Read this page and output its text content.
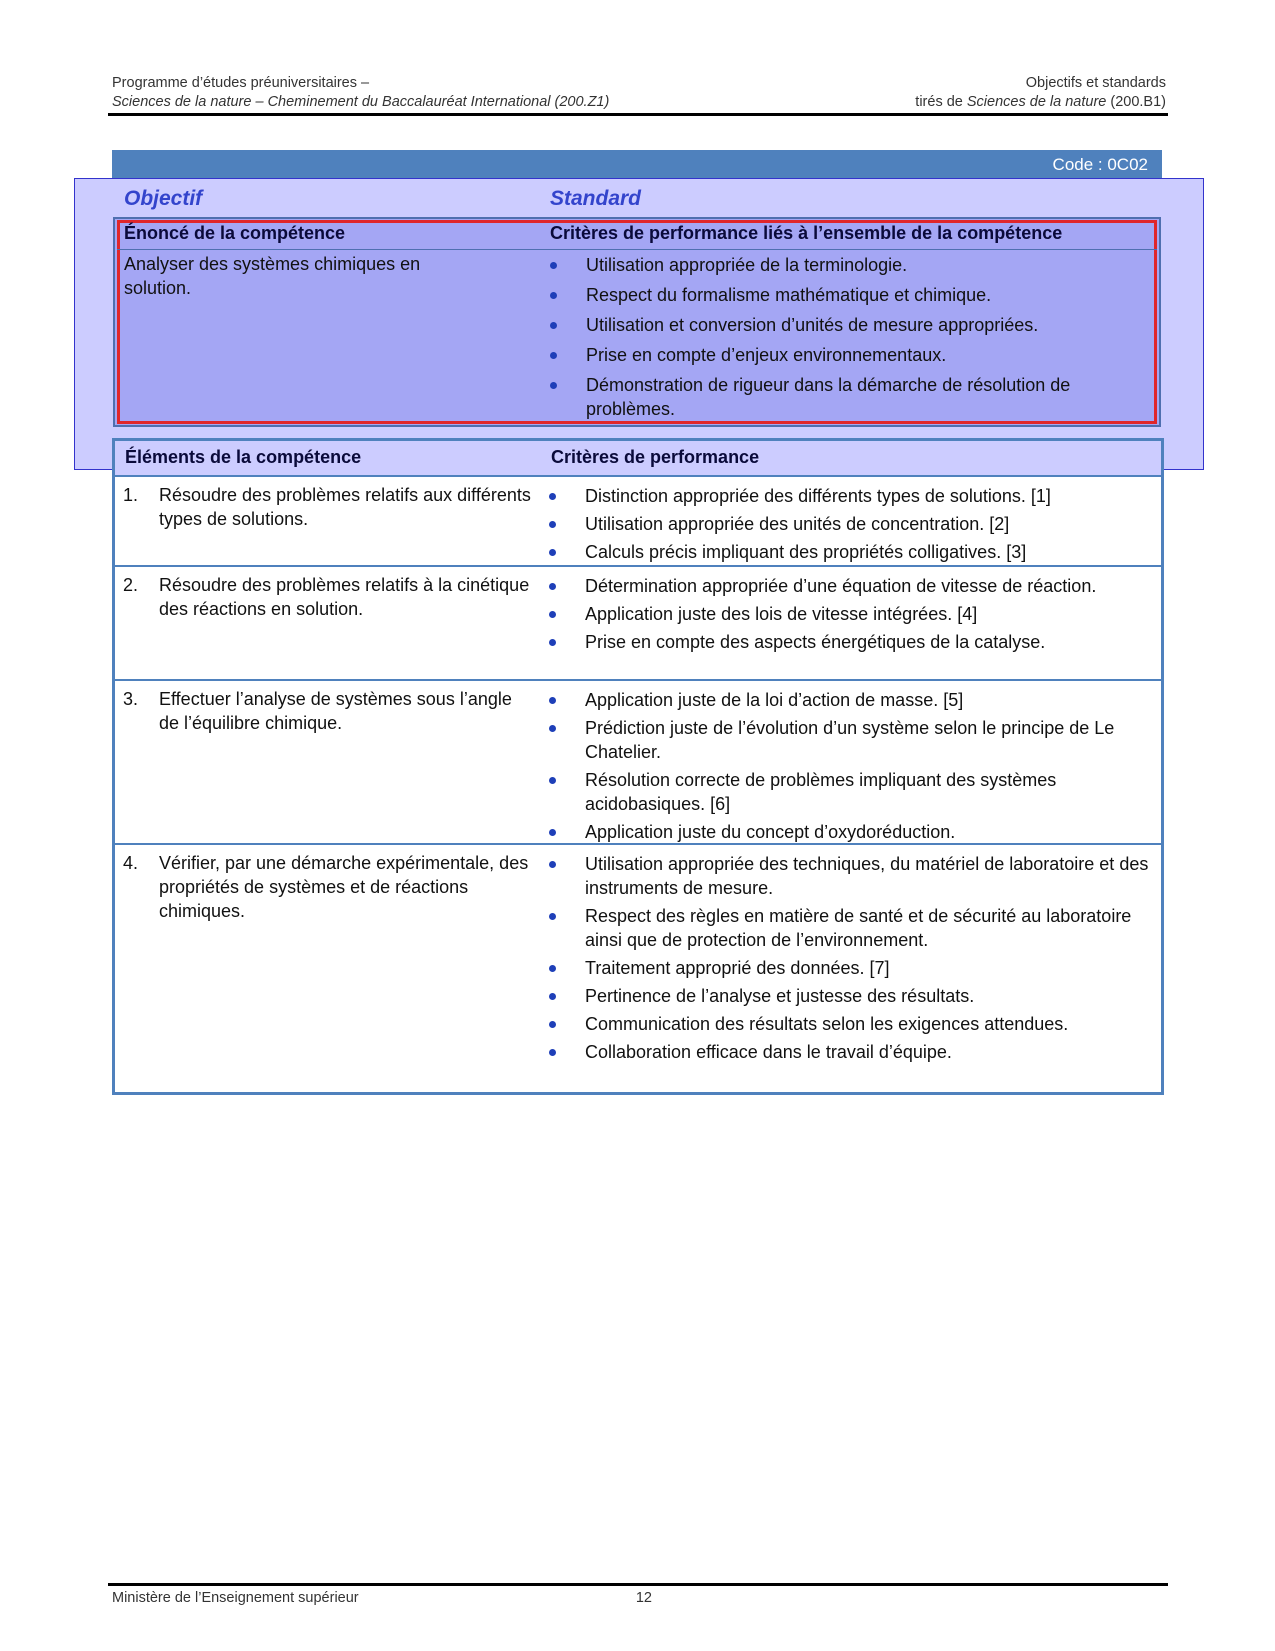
Programme d’études préuniversitaires –	Objectifs et standards
Sciences de la nature – Cheminement du Baccalauréat International (200.Z1)	tirés de Sciences de la nature (200.B1)
Code : 0C02
Objectif	Standard
Énoncé de la compétence	Critères de performance liés à l’ensemble de la compétence
Analyser des systèmes chimiques en solution.
Utilisation appropriée de la terminologie.
Respect du formalisme mathématique et chimique.
Utilisation et conversion d’unités de mesure appropriées.
Prise en compte d’enjeux environnementaux.
Démonstration de rigueur dans la démarche de résolution de problèmes.
Éléments de la compétence	Critères de performance
1.	Résoudre des problèmes relatifs aux différents types de solutions.
Distinction appropriée des différents types de solutions. [1]
Utilisation appropriée des unités de concentration. [2]
Calculs précis impliquant des propriétés colligatives. [3]
2.	Résoudre des problèmes relatifs à la cinétique des réactions en solution.
Détermination appropriée d’une équation de vitesse de réaction.
Application juste des lois de vitesse intégrées. [4]
Prise en compte des aspects énergétiques de la catalyse.
3.	Effectuer l’analyse de systèmes sous l’angle de l’équilibre chimique.
Application juste de la loi d’action de masse. [5]
Prédiction juste de l’évolution d’un système selon le principe de Le Chatelier.
Résolution correcte de problèmes impliquant des systèmes acidobasiques. [6]
Application juste du concept d’oxydoréduction.
4.	Vérifier, par une démarche expérimentale, des propriétés de systèmes et de réactions chimiques.
Utilisation appropriée des techniques, du matériel de laboratoire et des instruments de mesure.
Respect des règles en matière de santé et de sécurité au laboratoire ainsi que de protection de l’environnement.
Traitement approprié des données. [7]
Pertinence de l’analyse et justesse des résultats.
Communication des résultats selon les exigences attendues.
Collaboration efficace dans le travail d’équipe.
Ministère de l’Enseignement supérieur	12
